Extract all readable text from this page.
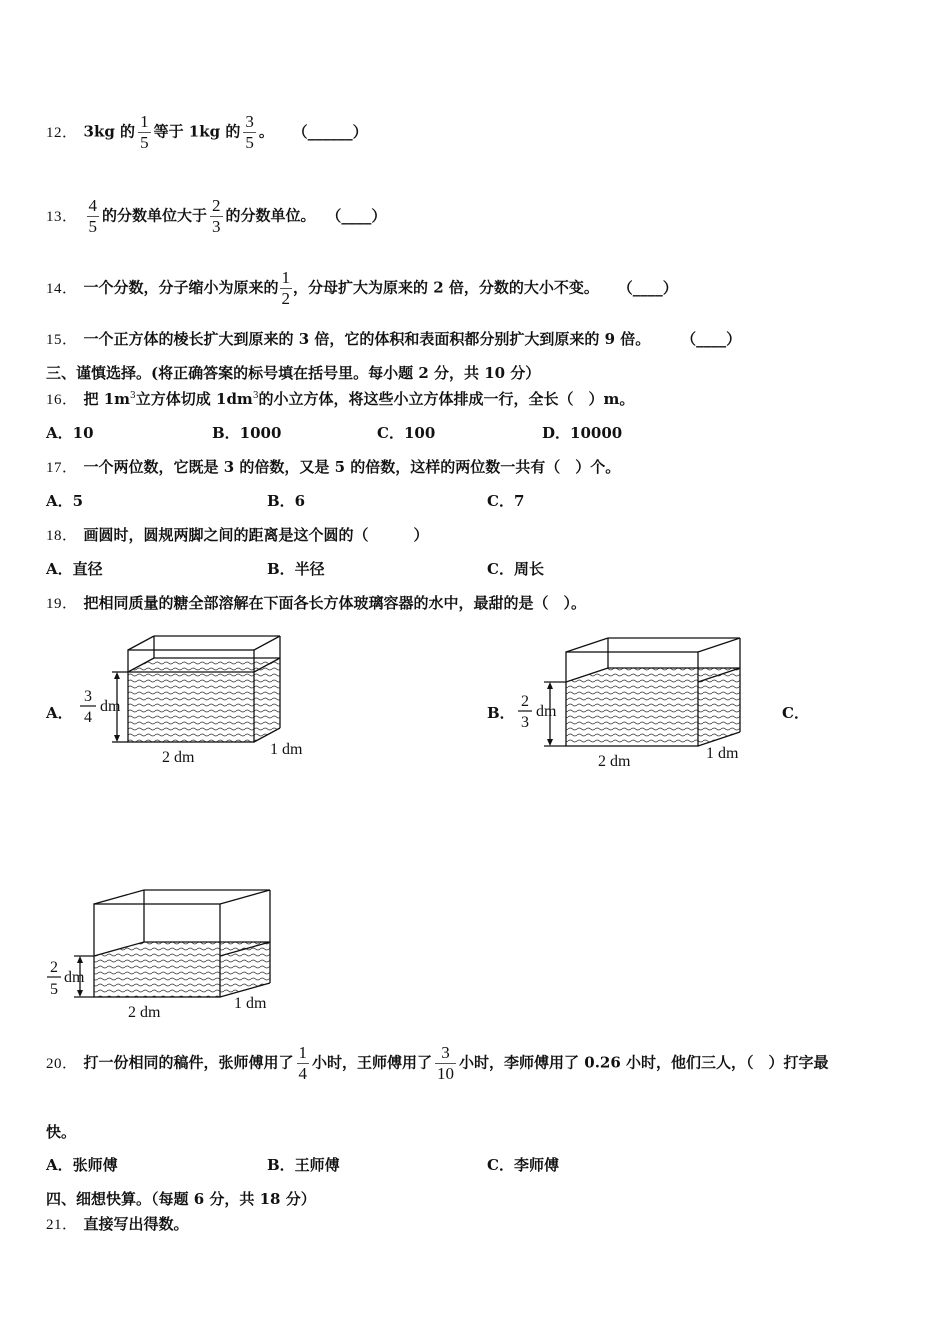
12． 3kg 的 $\frac{1}{5}$ 等于 1kg 的 $\frac{3}{5}$ 。 （______）
13． $\frac{4}{5}$ 的分数单位大于 $\frac{2}{3}$ 的分数单位。 （____）
14． 一个分数，分子缩小为原来的 $\frac{1}{2}$ ，分母扩大为原来的 2 倍，分数的大小不变。 （____）
15． 一个正方体的棱长扩大到原来的 3 倍，它的体积和表面积都分别扩大到原来的 9 倍。 （____）
三、谨慎选择。(将正确答案的标号填在括号里。每小题 2 分，共 10 分）
16． 把 $1m^3$立方体切成 $1dm^3$的小立方体，将这些小立方体排成一行，全长（　）m。
A．10	B．1000	C．100	D．10000
17． 一个两位数，它既是 3 的倍数，又是 5 的倍数，这样的两位数一共有（　）个。
A．5	B．6	C．7
18． 画圆时，圆规两脚之间的距离是这个圆的（　　　）
A．直径	B．半径	C．周长
19． 把相同质量的糖全部溶解在下面各长方体玻璃容器的水中，最甜的是（　）。
A．	B．	C．
3
4
dm
2 dm	1 dm
2
3
dm
2 dm	1 dm
2
5
dm
2 dm
1 dm
20． 打一份相同的稿件，张师傅用了 $\frac{1}{4}$ 小时，王师傅用了 $\frac{3}{10}$ 小时，李师傅用了 0.26 小时，他们三人，（　）打字最
快。
A．张师傅	B．王师傅	C．李师傅
四、细想快算。（每题 6 分，共 18 分）
21． 直接写出得数。
